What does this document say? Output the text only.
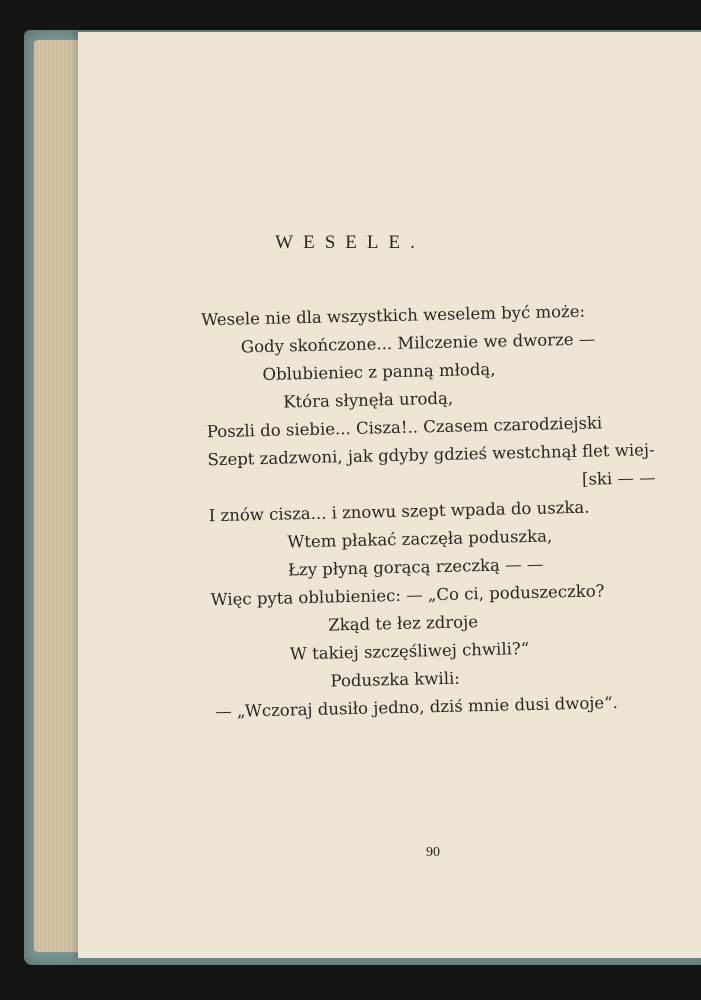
WESELE.
Wesele nie dla wszystkich weselem być może:
Gody skończone... Milczenie we dworze —
Oblubieniec z panną młodą,
Która słynęła urodą,
Poszli do siebie... Cisza!.. Czasem czarodziejski
Szept zadzwoni, jak gdyby gdzieś westchnął flet wiej-
[ski — —
I znów cisza... i znowu szept wpada do uszka.
Wtem płakać zaczęła poduszka,
Łzy płyną gorącą rzeczką — —
Więc pyta oblubieniec: — „Co ci, poduszeczko?
Zkąd te łez zdroje
W takiej szczęśliwej chwili?“
Poduszka kwili:
— „Wczoraj dusiło jedno, dziś mnie dusi dwoje“.
90
